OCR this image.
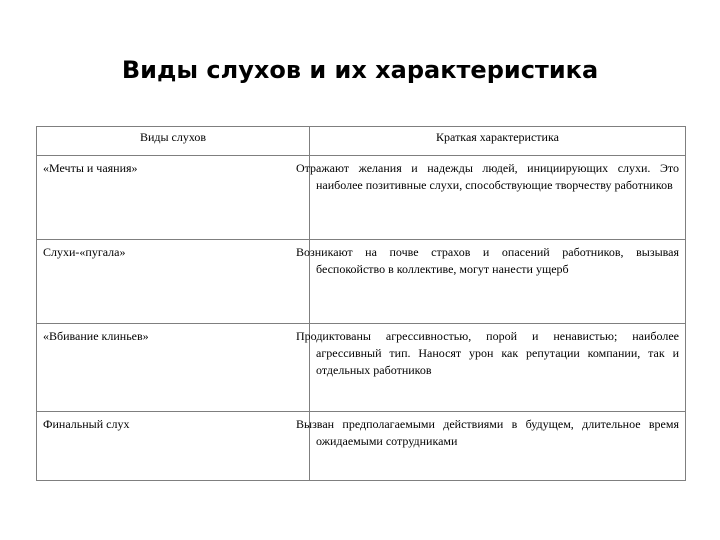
Виды слухов и их характеристика
Виды слухов	Краткая характеристика
«Мечты и чаяния»	Отражают желания и надежды людей, инициирующих слухи. Это наиболее позитивные слухи, способствующие творчеству работников
Слухи-«пугала»	Возникают на почве страхов и опасений работников, вызывая беспокойство в коллективе, могут нанести ущерб
«Вбивание клиньев»	Продиктованы агрессивностью, порой и ненавистью; наиболее агрессивный тип. Наносят урон как репутации компании, так и отдельных работников
Финальный слух	Вызван предполагаемыми действиями в будущем, длительное время ожидаемыми сотрудниками
